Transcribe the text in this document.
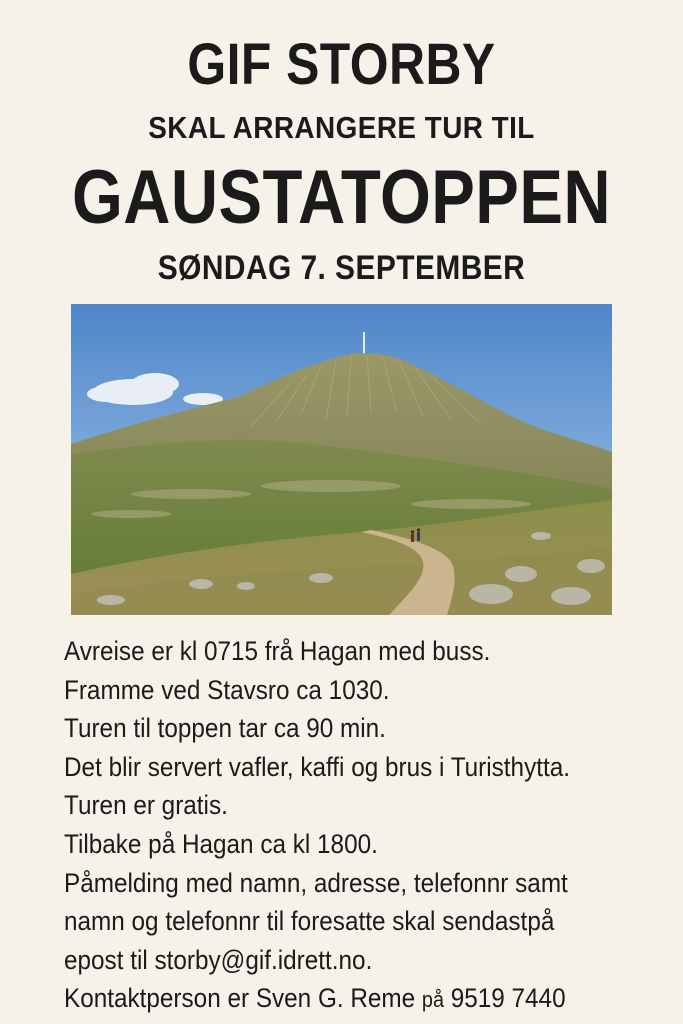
GIF STORBY
SKAL ARRANGERE TUR TIL
GAUSTATOPPEN
SØNDAG 7. SEPTEMBER
Avreise er kl 0715 frå Hagan med buss.
Framme ved Stavsro ca 1030.
Turen til toppen tar ca 90 min.
Det blir servert vafler, kaffi og brus i Turisthytta.
Turen er gratis.
Tilbake på Hagan ca kl 1800.
Påmelding med namn, adresse, telefonnr samt
namn og telefonnr til foresatte skal sendastpå
epost til storby@gif.idrett.no.
Kontaktperson er Sven G. Reme på 9519 7440
